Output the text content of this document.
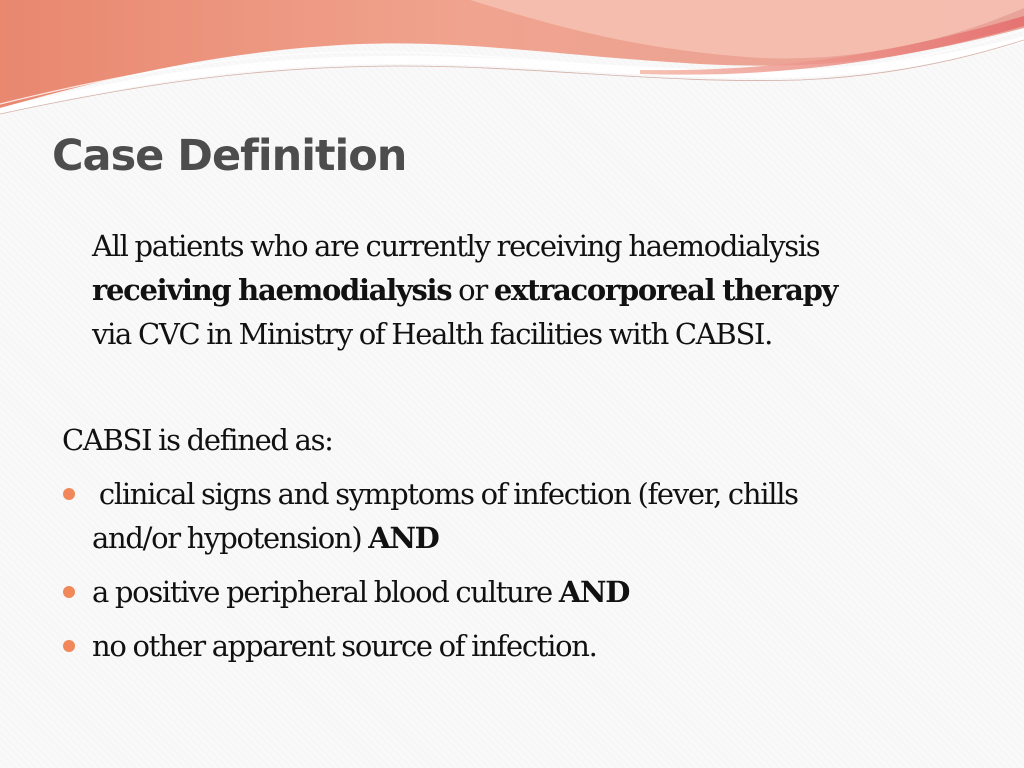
Case Definition
All patients who are currently receiving haemodialysis
receiving haemodialysis or extracorporeal therapy
via CVC in Ministry of Health facilities with CABSI.
CABSI is defined as:
clinical signs and symptoms of infection (fever, chills
and/or hypotension) AND
a positive peripheral blood culture AND
no other apparent source of infection.
